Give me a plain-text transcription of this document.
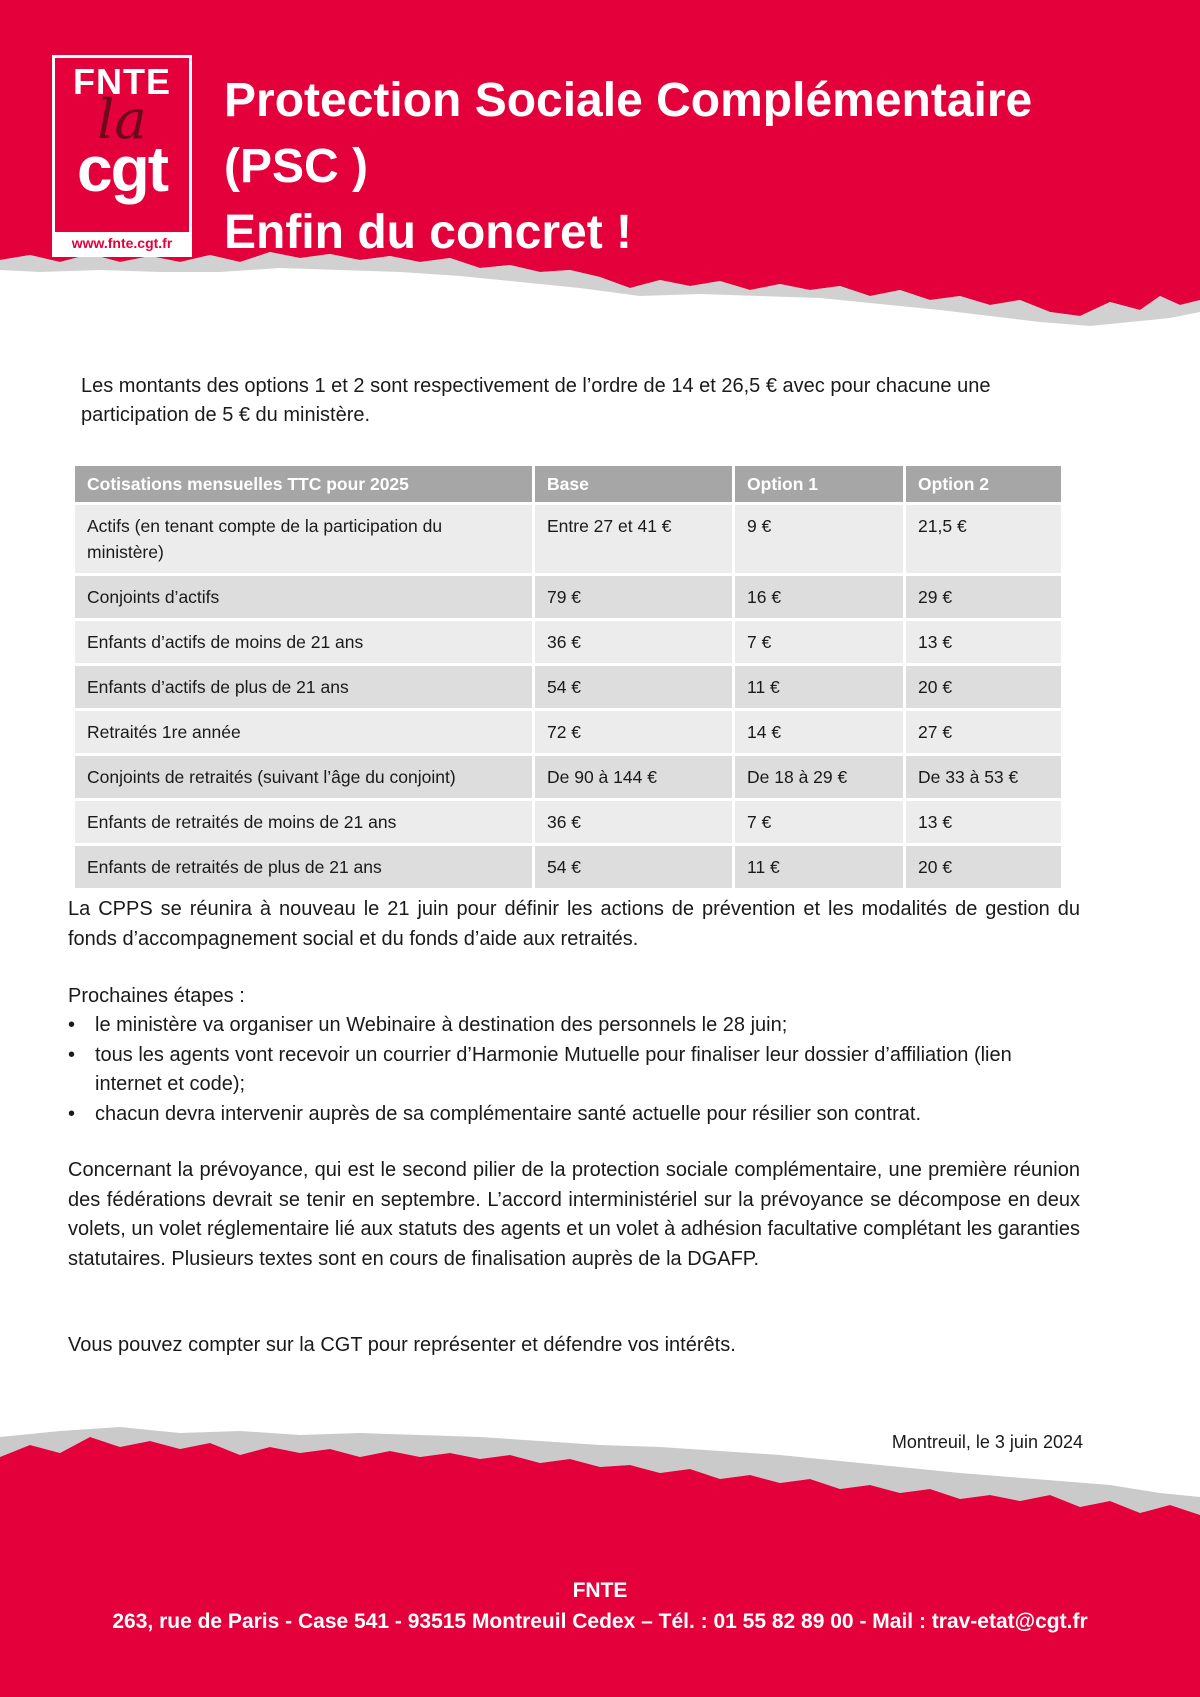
FNTE
la
cgt
www.fnte.cgt.fr
Protection Sociale Complémentaire
(PSC )
Enfin du concret !
Les montants des options 1 et 2 sont respectivement de l’ordre de 14 et 26,5 € avec pour chacune une participation de 5 € du ministère.
Cotisations mensuelles TTC pour 2025	Base	Option 1	Option 2
Actifs (en tenant compte de la participation du ministère)	Entre 27 et 41 €	9 €	21,5 €
Conjoints d’actifs	79 €	16 €	29 €
Enfants d’actifs de moins de 21 ans	36 €	7 €	13 €
Enfants d’actifs de plus de 21 ans	54 €	11 €	20 €
Retraités 1re année	72 €	14 €	27 €
Conjoints de retraités (suivant l’âge du conjoint)	De 90 à 144 €	De 18 à 29 €	De 33 à 53 €
Enfants de retraités de moins de 21 ans	36 €	7 €	13 €
Enfants de retraités de plus de 21 ans	54 €	11 €	20 €
La CPPS se réunira à nouveau le 21 juin pour définir les actions de prévention et les modalités de gestion du fonds d’accompagnement social et du fonds d’aide aux retraités.
Prochaines étapes :
• le ministère va organiser un Webinaire à destination des personnels le 28 juin;
• tous les agents vont recevoir un courrier d’Harmonie Mutuelle pour finaliser leur dossier d’affiliation (lien internet et code);
• chacun devra intervenir auprès de sa complémentaire santé actuelle pour résilier son contrat.
Concernant la prévoyance, qui est le second pilier de la protection sociale complémentaire, une première réunion des fédérations devrait se tenir en septembre. L’accord interministériel sur la prévoyance se décompose en deux volets, un volet réglementaire lié aux statuts des agents et un volet à adhésion facultative complétant les garanties statutaires. Plusieurs textes sont en cours de finalisation auprès de la DGAFP.
Vous pouvez compter sur la CGT pour représenter et défendre vos intérêts.
Montreuil, le 3 juin 2024
FNTE
263, rue de Paris - Case 541 - 93515 Montreuil Cedex – Tél. : 01 55 82 89 00 - Mail : trav-etat@cgt.fr
